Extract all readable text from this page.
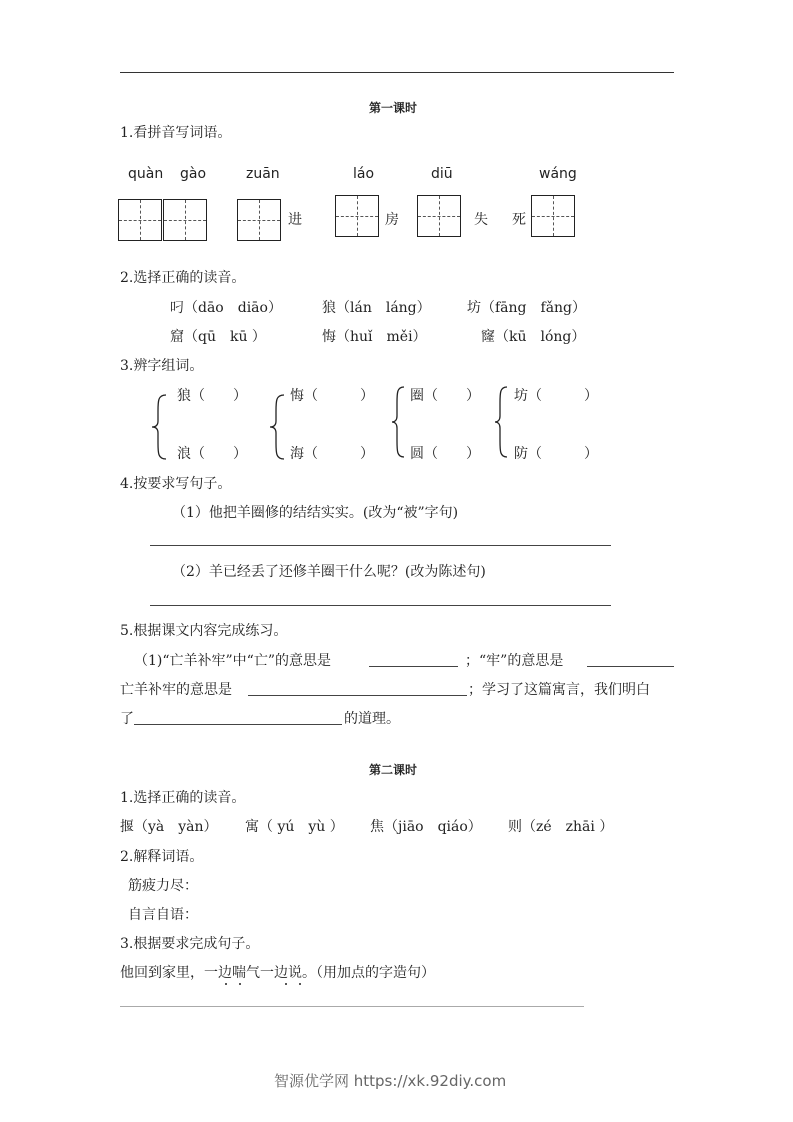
第一课时
1.看拼音写词语。
quàn gào	zuān	láo	diū	wáng
进	房	失 死
2.选择正确的读音。
叼（dāo　diāo）	狼（lán　láng）	坊（fāng　fǎng）
窟（qū　kū ）	悔（huǐ　měi）	窿（kū　lóng）
3.辨字组词。
狼（　　）
浪（　　）
悔（　　　）
海（　　　）
圈（　　）
圆（　　）
坊（　　　）
防（　　　）
4.按要求写句子。
（1）他把羊圈修的结结实实。(改为“被”字句)
（2）羊已经丢了还修羊圈干什么呢？(改为陈述句)
5.根据课文内容完成练习。
（1)“亡羊补牢”中“亡”的意思是	；“牢”的意思是
亡羊补牢的意思是	；学习了这篇寓言，我们明白
了	的道理。
第二课时
1.选择正确的读音。
揠（yà　yàn） 寓（ yú　yù ） 焦（jiāo　qiáo） 则（zé　zhāi ）
2.解释词语。
筋疲力尽：
自言自语：
3.根据要求完成句子。
他回到家里，一边喘气一边说。（用加点的字造句）
智源优学网 https://xk.92diy.com
